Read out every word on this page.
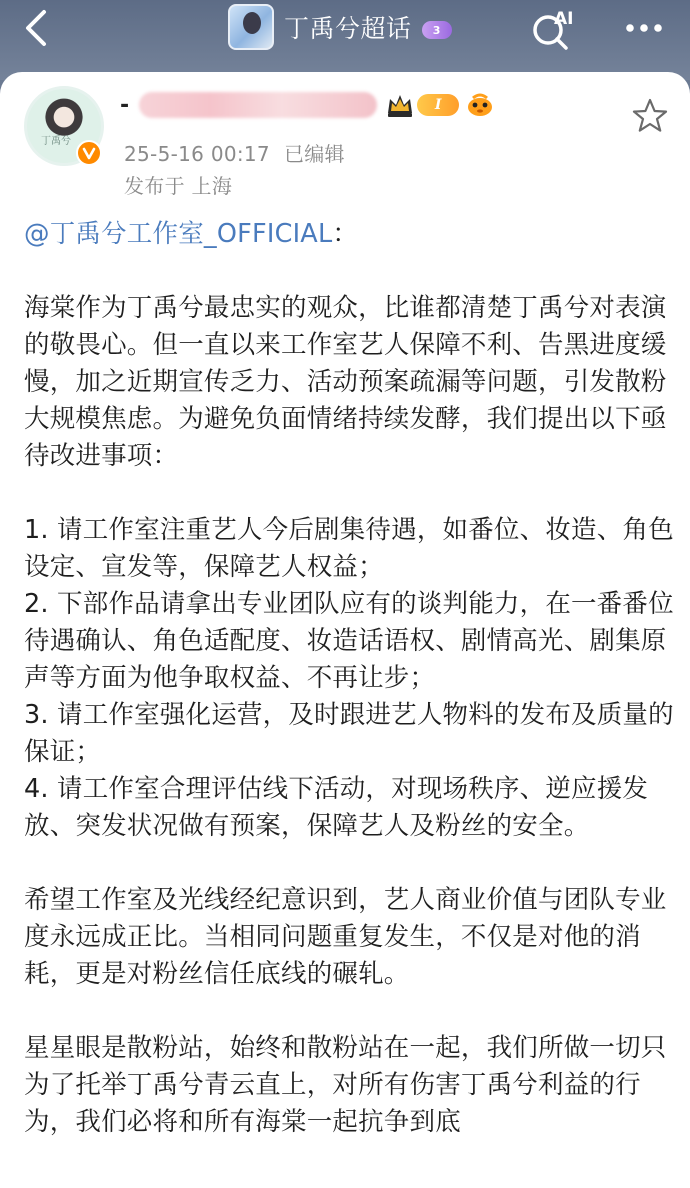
丁禹兮超话	3
AI
丁禹兮
-	I
25-5-16 00:17 已编辑
发布于 上海

@丁禹兮工作室_OFFICIAL：

海棠作为丁禹兮最忠实的观众，比谁都清楚丁禹兮对表演的敬畏心。但一直以来工作室艺人保障不利、告黑进度缓慢，加之近期宣传乏力、活动预案疏漏等问题，引发散粉大规模焦虑。为避免负面情绪持续发酵，我们提出以下亟待改进事项：

1. 请工作室注重艺人今后剧集待遇，如番位、妆造、角色设定、宣发等，保障艺人权益；

2. 下部作品请拿出专业团队应有的谈判能力，在一番番位待遇确认、角色适配度、妆造话语权、剧情高光、剧集原声等方面为他争取权益、不再让步；

3. 请工作室强化运营，及时跟进艺人物料的发布及质量的保证；

4. 请工作室合理评估线下活动，对现场秩序、逆应援发放、突发状况做有预案，保障艺人及粉丝的安全。

希望工作室及光线经纪意识到，艺人商业价值与团队专业度永远成正比。当相同问题重复发生，不仅是对他的消耗，更是对粉丝信任底线的碾轧。

星星眼是散粉站，始终和散粉站在一起，我们所做一切只为了托举丁禹兮青云直上，对所有伤害丁禹兮利益的行为，我们必将和所有海棠一起抗争到底
